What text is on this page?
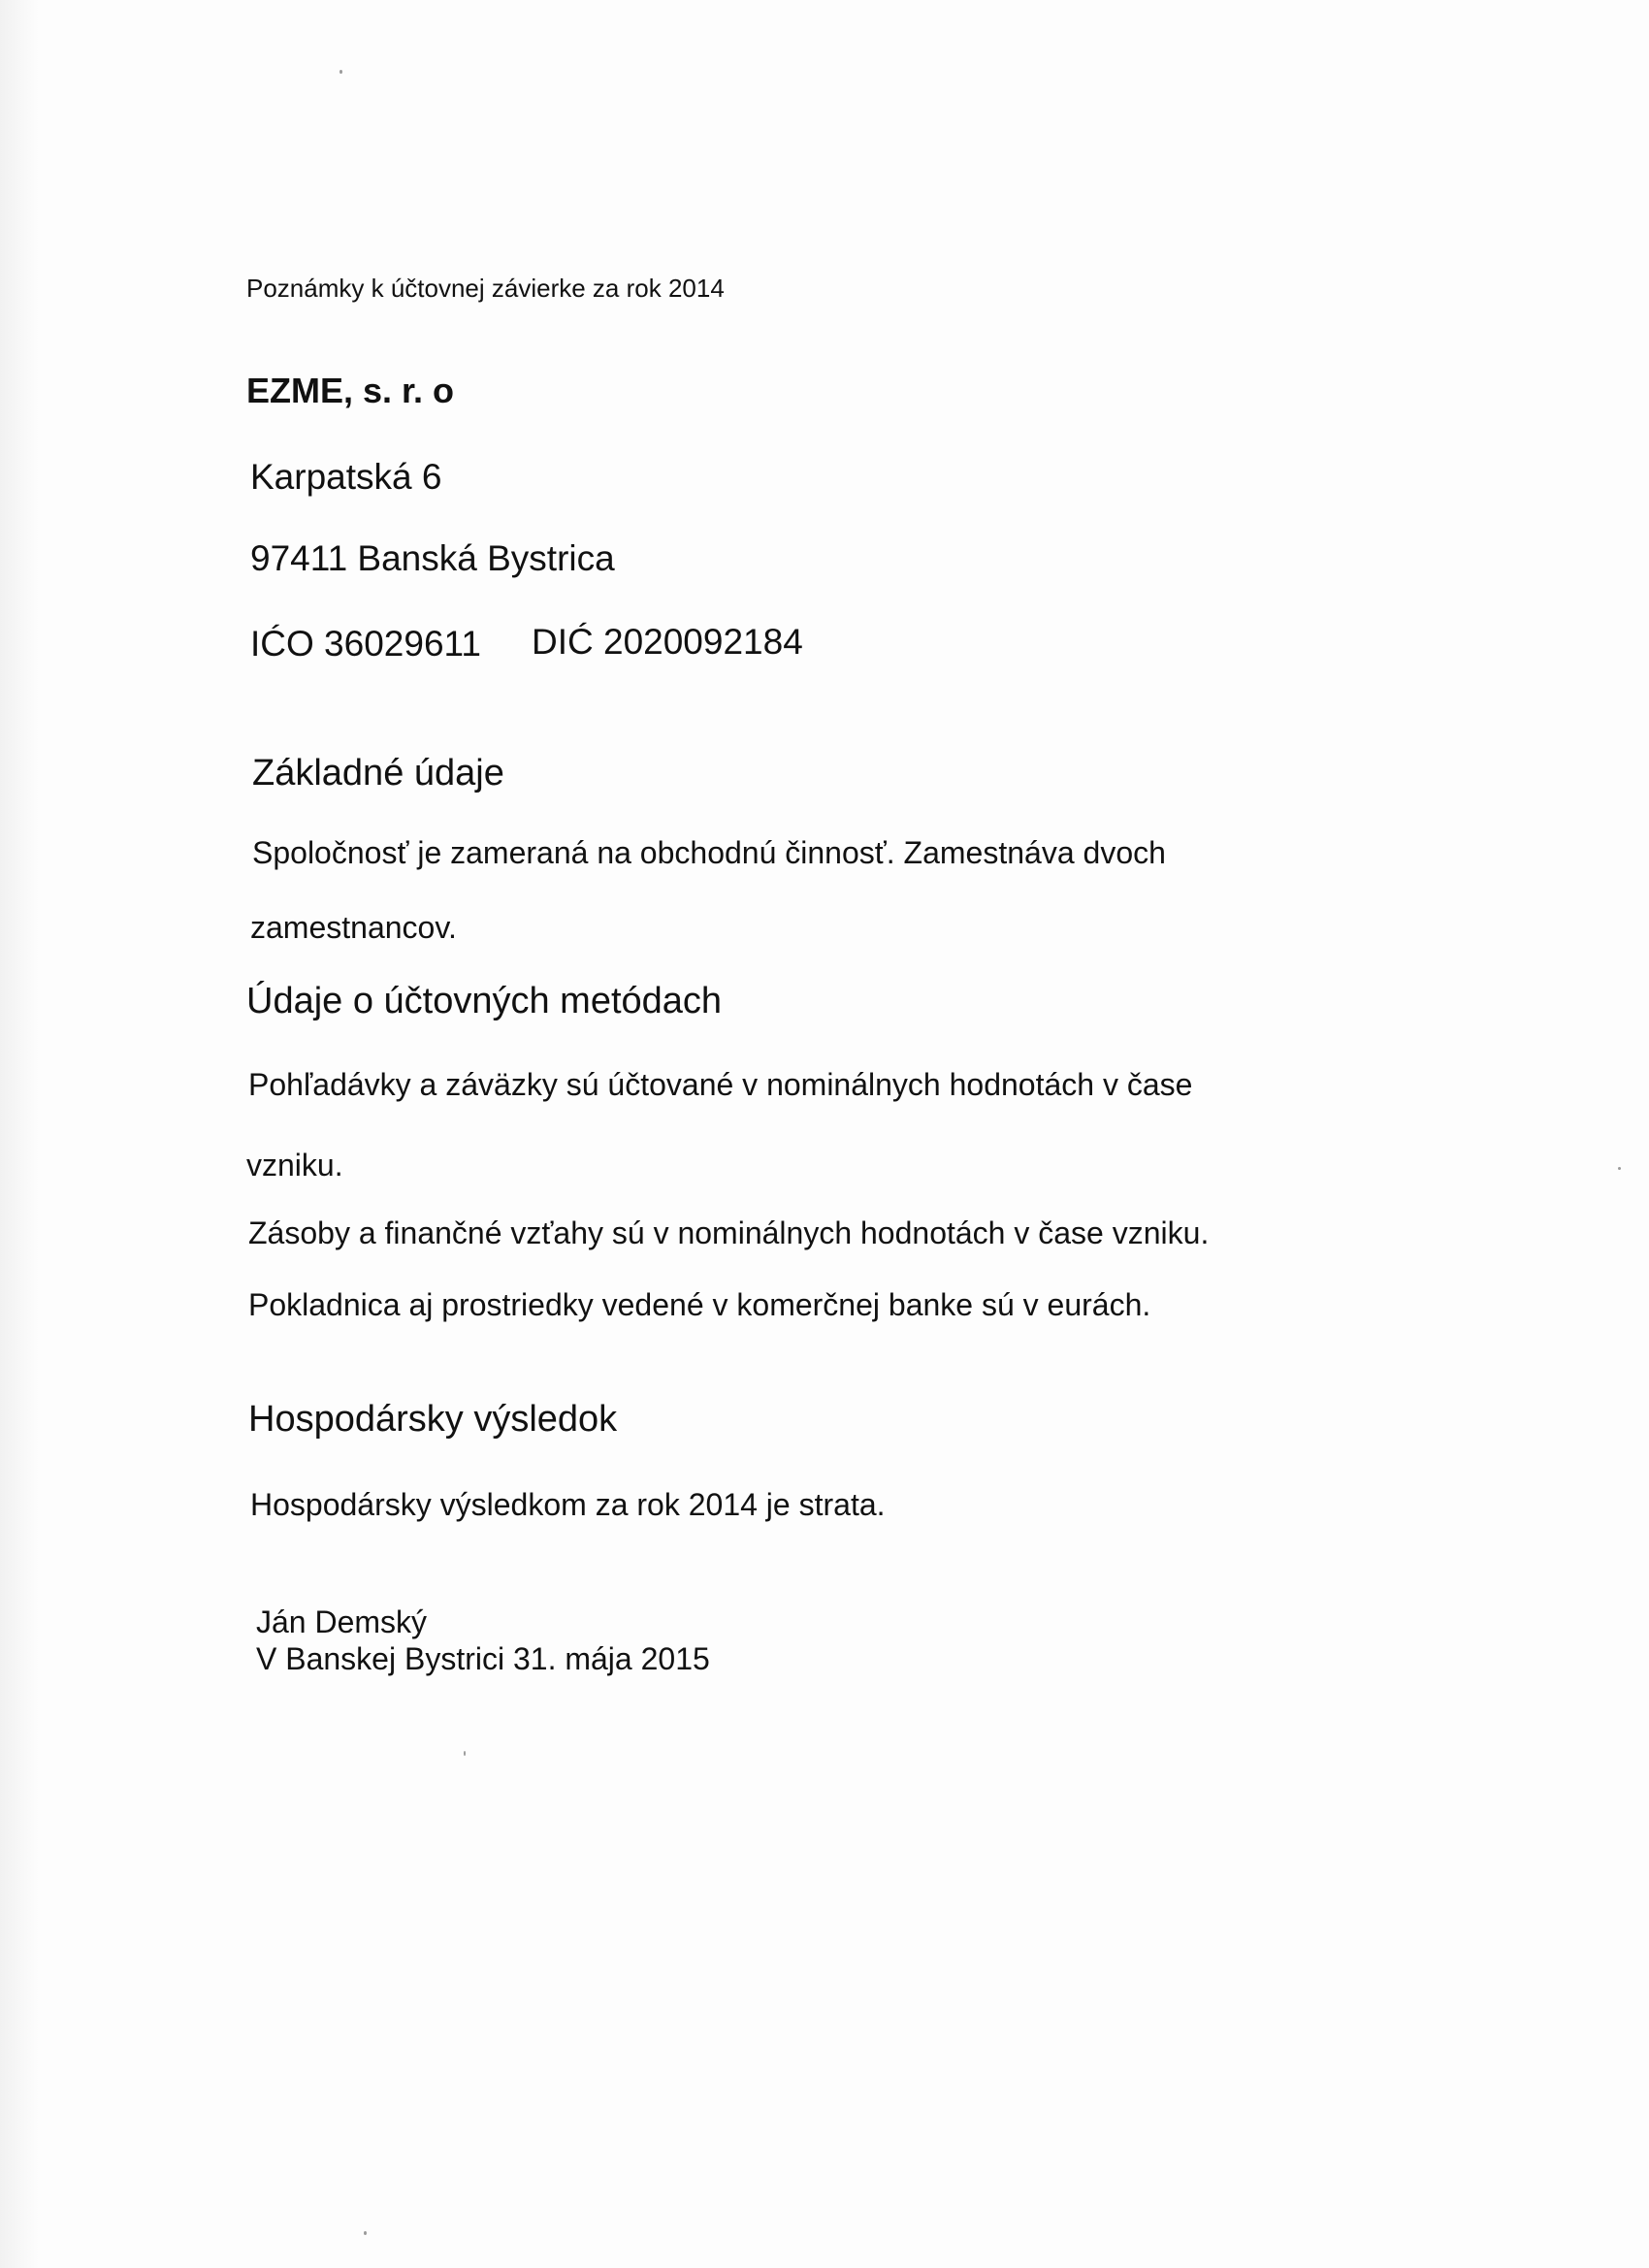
Poznámky k účtovnej závierke za rok 2014

EZME, s. r. o

Karpatská 6

97411 Banská Bystrica

IĆO 36029611 DIĆ 2020092184

Základné údaje

Spoločnosť je zameraná na obchodnú činnosť. Zamestnáva dvoch

zamestnancov.

Údaje o účtovných metódach

Pohľadávky a záväzky sú účtované v nominálnych hodnotách v čase

vzniku.

Zásoby a finančné vzťahy sú v nominálnych hodnotách v čase vzniku.

Pokladnica aj prostriedky vedené v komerčnej banke sú v eurách.

Hospodársky výsledok

Hospodársky výsledkom za rok 2014 je strata.

Ján Demský

V Banskej Bystrici 31. mája 2015
